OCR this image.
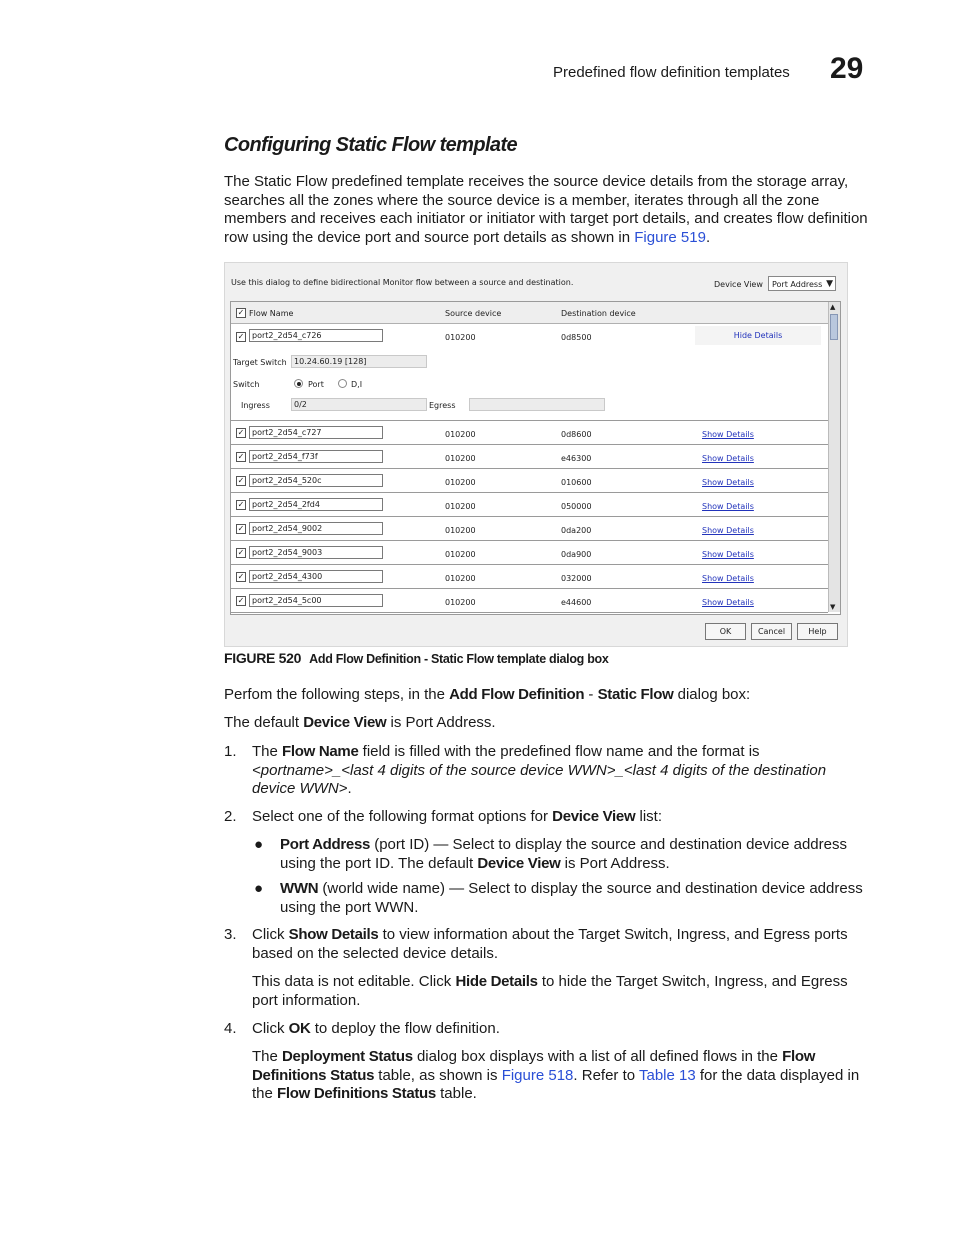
Predefined flow definition templates 29
Configuring Static Flow template
The Static Flow predefined template receives the source device details from the storage array, searches all the zones where the source device is a member, iterates through all the zone members and receives each initiator or initiator with target port details, and creates flow definition row using the device port and source port details as shown in Figure 519.
Use this dialog to define bidirectional Monitor flow between a source and destination.	Device View Port Address ▼
✓ Flow Name	Source device	Destination device
✓ port2_2d54_c726	010200	0d8500	Hide Details
Target Switch 10.24.60.19 [128]
Switch	Port	D,I
Ingress	0/2	Egress
✓ port2_2d54_c727	010200	0d8600	Show Details
✓ port2_2d54_f73f	010200	e46300	Show Details
✓ port2_2d54_520c	010200	010600	Show Details
✓ port2_2d54_2fd4	010200	050000	Show Details
✓ port2_2d54_9002	010200	0da200	Show Details
✓ port2_2d54_9003	010200	0da900	Show Details
✓ port2_2d54_4300	010200	032000	Show Details
✓ port2_2d54_5c00	010200	e44600	Show Details
▲
▼
OK	Cancel	Help
FIGURE 520 Add Flow Definition - Static Flow template dialog box
Perfom the following steps, in the Add Flow Definition - Static Flow dialog box:
The default Device View is Port Address.
1. The Flow Name field is filled with the predefined flow name and the format is <portname>_<last 4 digits of the source device WWN>_<last 4 digits of the destination device WWN>.
2. Select one of the following format options for Device View list:
● Port Address (port ID) — Select to display the source and destination device address using the port ID. The default Device View is Port Address.
● WWN (world wide name) — Select to display the source and destination device address using the port WWN.
3. Click Show Details to view information about the Target Switch, Ingress, and Egress ports based on the selected device details.
This data is not editable. Click Hide Details to hide the Target Switch, Ingress, and Egress port information.
4. Click OK to deploy the flow definition.
The Deployment Status dialog box displays with a list of all defined flows in the Flow Definitions Status table, as shown is Figure 518. Refer to Table 13 for the data displayed in the Flow Definitions Status table.
